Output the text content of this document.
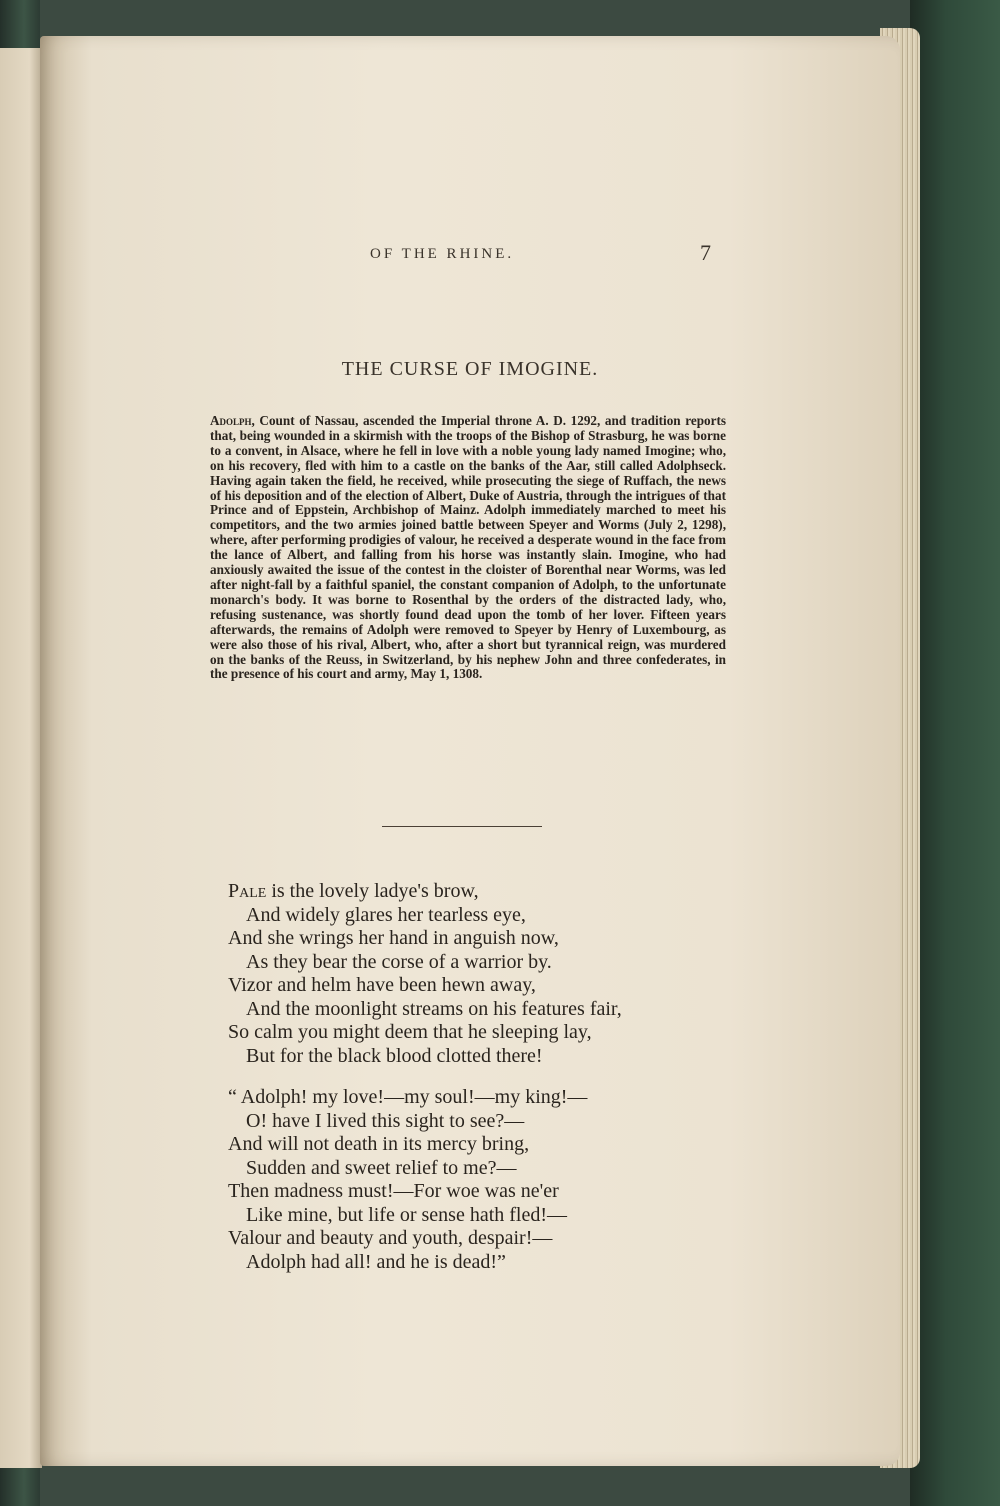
OF THE RHINE.	7
THE CURSE OF IMOGINE.

Adolph, Count of Nassau, ascended the Imperial throne A. D. 1292, and tradition reports that, being wounded in a skirmish with the troops of the Bishop of Strasburg, he was borne to a convent, in Alsace, where he fell in love with a noble young lady named Imogine; who, on his recovery, fled with him to a castle on the banks of the Aar, still called Adolphseck. Having again taken the field, he received, while prosecuting the siege of Ruffach, the news of his deposition and of the election of Albert, Duke of Austria, through the intrigues of that Prince and of Eppstein, Archbishop of Mainz. Adolph immediately marched to meet his competitors, and the two armies joined battle between Speyer and Worms (July 2, 1298), where, after performing prodigies of valour, he received a desperate wound in the face from the lance of Albert, and falling from his horse was instantly slain. Imogine, who had anxiously awaited the issue of the contest in the cloister of Borenthal near Worms, was led after night-fall by a faithful spaniel, the constant companion of Adolph, to the unfortunate monarch's body. It was borne to Rosenthal by the orders of the distracted lady, who, refusing sustenance, was shortly found dead upon the tomb of her lover. Fifteen years afterwards, the remains of Adolph were removed to Speyer by Henry of Luxembourg, as were also those of his rival, Albert, who, after a short but tyrannical reign, was murdered on the banks of the Reuss, in Switzerland, by his nephew John and three confederates, in the presence of his court and army, May 1, 1308.

Pale is the lovely ladye's brow,
And widely glares her tearless eye,
And she wrings her hand in anguish now,
As they bear the corse of a warrior by.
Vizor and helm have been hewn away,
And the moonlight streams on his features fair,
So calm you might deem that he sleeping lay,
But for the black blood clotted there!
“ Adolph! my love!—my soul!—my king!—
O! have I lived this sight to see?—
And will not death in its mercy bring,
Sudden and sweet relief to me?—
Then madness must!—For woe was ne'er
Like mine, but life or sense hath fled!—
Valour and beauty and youth, despair!—
Adolph had all! and he is dead!”
